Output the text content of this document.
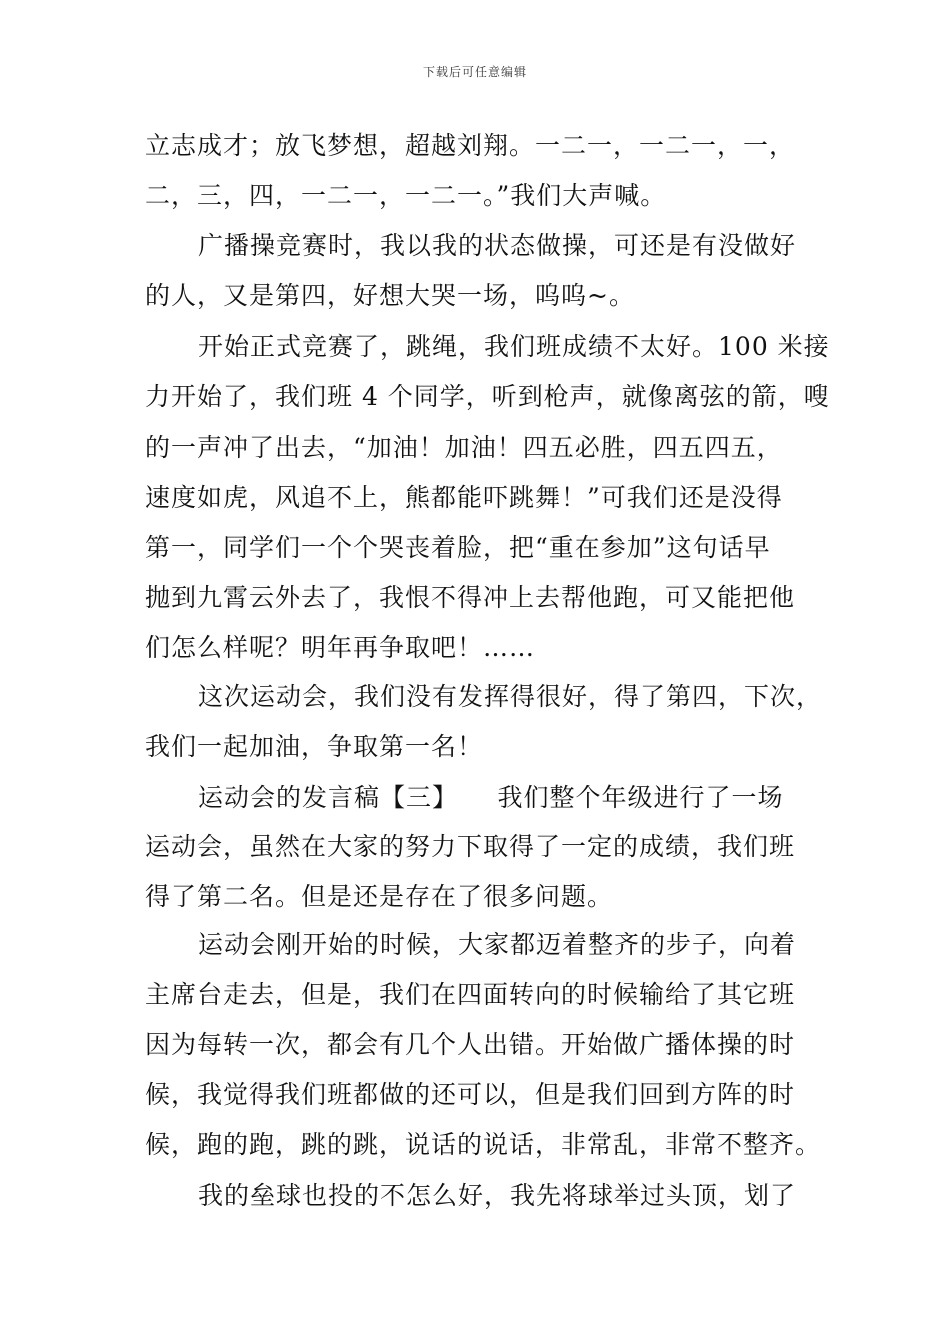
下载后可任意编辑
立志成才；放飞梦想，超越刘翔。一二一，一二一，一，
二，三，四，一二一，一二一。”我们大声喊。
广播操竞赛时，我以我的状态做操，可还是有没做好
的人，又是第四，好想大哭一场，呜呜~。
开始正式竞赛了，跳绳，我们班成绩不太好。100 米接
力开始了，我们班 4 个同学，听到枪声，就像离弦的箭，嗖
的一声冲了出去，“加油！加油！四五必胜，四五四五，
速度如虎，风追不上，熊都能吓跳舞！”可我们还是没得
第一，同学们一个个哭丧着脸，把“重在参加”这句话早
抛到九霄云外去了，我恨不得冲上去帮他跑，可又能把他
们怎么样呢？明年再争取吧！……
这次运动会，我们没有发挥得很好，得了第四，下次，
我们一起加油，争取第一名！
运动会的发言稿【三】　　我们整个年级进行了一场
运动会，虽然在大家的努力下取得了一定的成绩，我们班
得了第二名。但是还是存在了很多问题。
运动会刚开始的时候，大家都迈着整齐的步子，向着
主席台走去，但是，我们在四面转向的时候输给了其它班
因为每转一次，都会有几个人出错。开始做广播体操的时
候，我觉得我们班都做的还可以，但是我们回到方阵的时
候，跑的跑，跳的跳，说话的说话，非常乱，非常不整齐。
我的垒球也投的不怎么好，我先将球举过头顶，划了
